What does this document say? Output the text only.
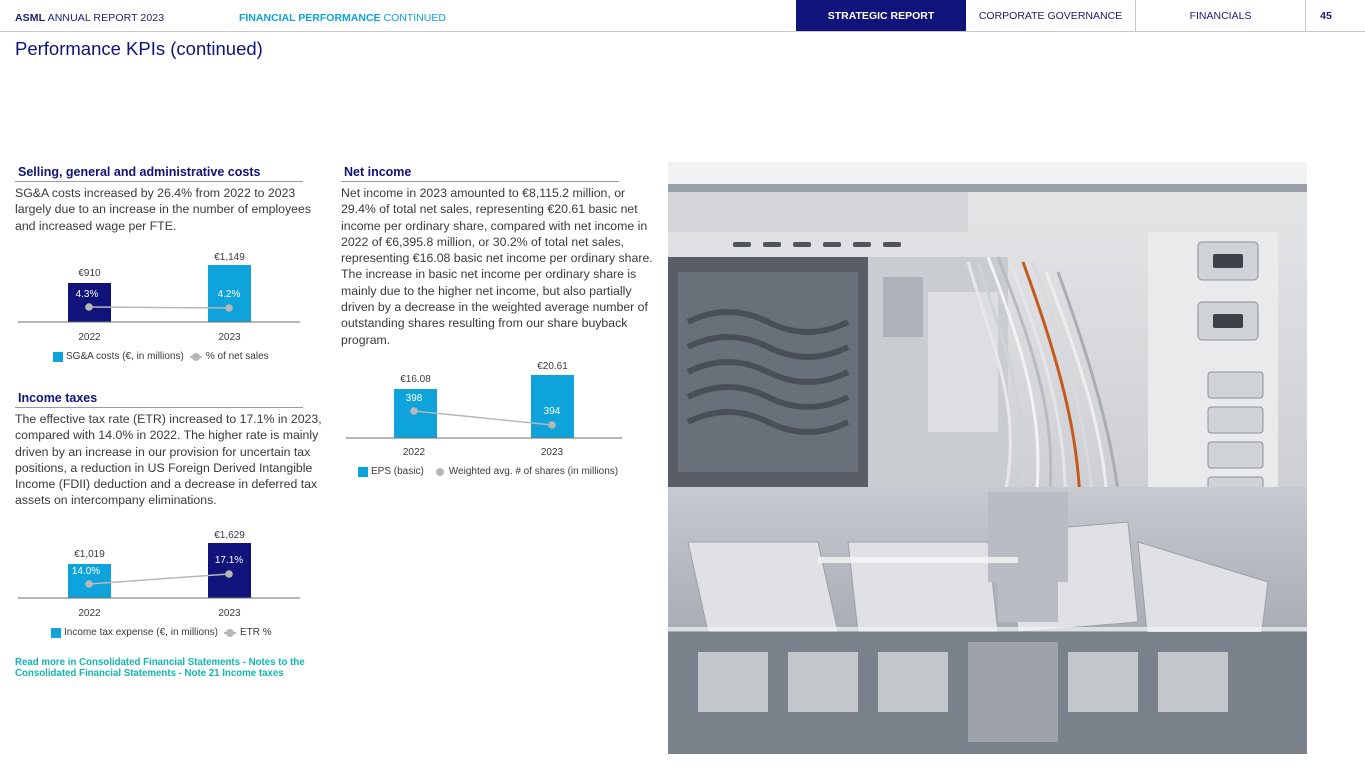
ASML ANNUAL REPORT 2023	FINANCIAL PERFORMANCE CONTINUED	STRATEGIC REPORT	CORPORATE GOVERNANCE	FINANCIALS	45
Performance KPIs (continued)
Selling, general and administrative costs

SG&A costs increased by 26.4% from 2022 to 2023 largely due to an increase in the number of employees and increased wage per FTE.

€910
€1,149
4.3%	4.2%
2022	2023
SG&A costs (€, in millions) % of net sales
Income taxes

The effective tax rate (ETR) increased to 17.1% in 2023, compared with 14.0% in 2022. The higher rate is mainly driven by an increase in our provision for uncertain tax positions, a reduction in US Foreign Derived Intangible Income (FDII) deduction and a decrease in deferred tax assets on intercompany eliminations.

€1,019
€1,629
14.0%
17.1%
2022	2023
Income tax expense (€, in millions) ETR %
Read more in Consolidated Financial Statements - Notes to the Consolidated Financial Statements - Note 21 Income taxes
Net income

Net income in 2023 amounted to €8,115.2 million, or 29.4% of total net sales, representing €20.61 basic net income per ordinary share, compared with net income in 2022 of €6,395.8 million, or 30.2% of total net sales, representing €16.08 basic net income per ordinary share. The increase in basic net income per ordinary share is mainly due to the higher net income, but also partially driven by a decrease in the weighted average number of outstanding shares resulting from our share buyback program.

€16.08
€20.61
398
394
2022	2023
EPS (basic)	Weighted avg. # of shares (in millions)
